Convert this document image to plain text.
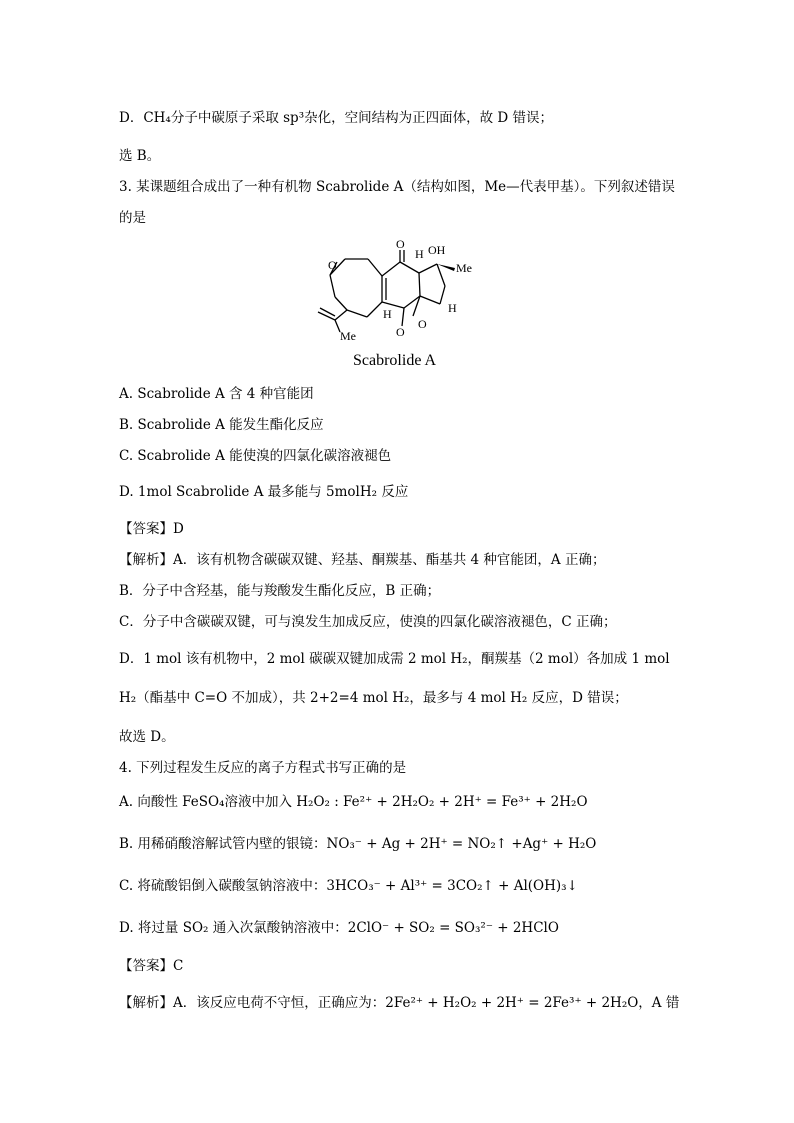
D．CH₄分子中碳原子采取 sp³杂化，空间结构为正四面体，故 D 错误；
选 B。
3. 某课题组合成出了一种有机物 Scabrolide A（结构如图，Me—代表甲基）。下列叙述错误
的是
O
O OH
H
Me
H
O
H
O
Me
Scabrolide A
A. Scabrolide A 含 4 种官能团
B. Scabrolide A 能发生酯化反应
C. Scabrolide A 能使溴的四氯化碳溶液褪色
D. 1mol Scabrolide A 最多能与 5molH₂ 反应
【答案】D
【解析】A．该有机物含碳碳双键、羟基、酮羰基、酯基共 4 种官能团，A 正确；
B．分子中含羟基，能与羧酸发生酯化反应，B 正确；
C．分子中含碳碳双键，可与溴发生加成反应，使溴的四氯化碳溶液褪色，C 正确；
D．1 mol 该有机物中，2 mol 碳碳双键加成需 2 mol H₂，酮羰基（2 mol）各加成 1 mol
H₂（酯基中 C=O 不加成），共 2+2=4 mol H₂，最多与 4 mol H₂ 反应，D 错误；
故选 D。
4. 下列过程发生反应的离子方程式书写正确的是
A. 向酸性 FeSO₄溶液中加入 H₂O₂ : Fe²⁺ + 2H₂O₂ + 2H⁺ = Fe³⁺ + 2H₂O
B. 用稀硝酸溶解试管内壁的银镜：NO₃⁻ + Ag + 2H⁺ = NO₂↑ +Ag⁺ + H₂O
C. 将硫酸铝倒入碳酸氢钠溶液中：3HCO₃⁻ + Al³⁺ = 3CO₂↑ + Al(OH)₃↓
D. 将过量 SO₂ 通入次氯酸钠溶液中：2ClO⁻ + SO₂ = SO₃²⁻ + 2HClO
【答案】C
【解析】A．该反应电荷不守恒，正确应为：2Fe²⁺ + H₂O₂ + 2H⁺ = 2Fe³⁺ + 2H₂O，A 错
